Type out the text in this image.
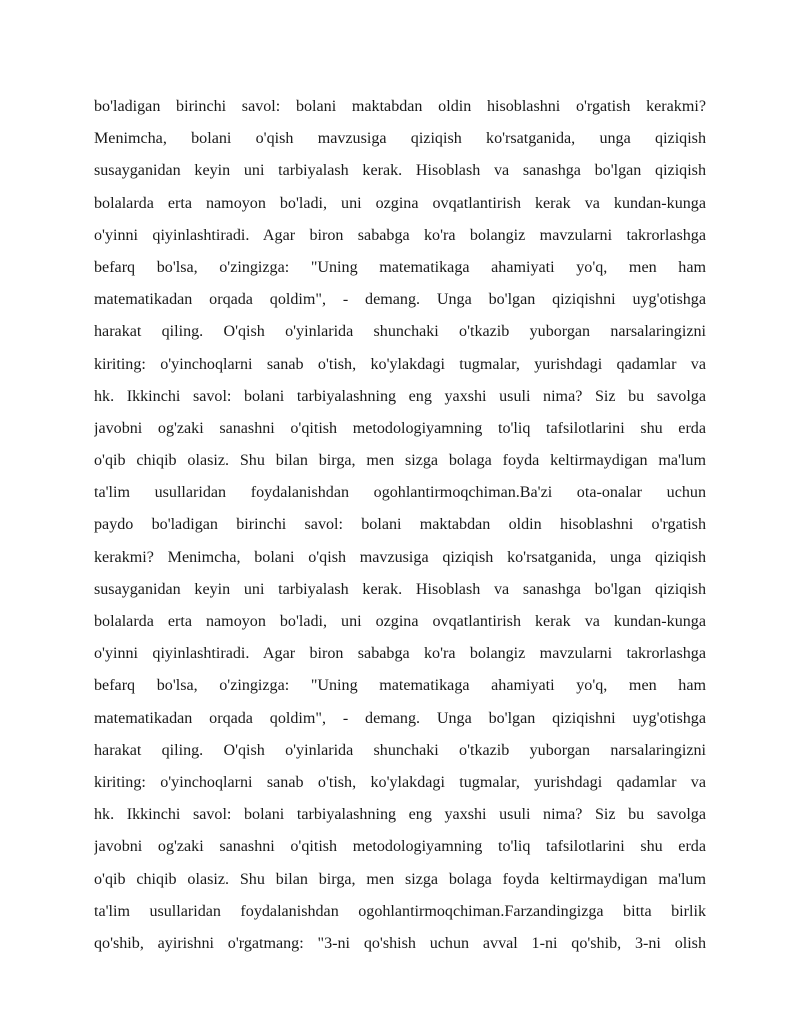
bo'ladigan birinchi savol: bolani maktabdan oldin hisoblashni o'rgatish kerakmi?
Menimcha, bolani o'qish mavzusiga qiziqish ko'rsatganida, unga qiziqish
susayganidan keyin uni tarbiyalash kerak. Hisoblash va sanashga bo'lgan qiziqish
bolalarda erta namoyon bo'ladi, uni ozgina ovqatlantirish kerak va kundan-kunga
o'yinni qiyinlashtiradi. Agar biron sababga ko'ra bolangiz mavzularni takrorlashga
befarq bo'lsa, o'zingizga: "Uning matematikaga ahamiyati yo'q, men ham
matematikadan orqada qoldim", - demang. Unga bo'lgan qiziqishni uyg'otishga
harakat qiling. O'qish o'yinlarida shunchaki o'tkazib yuborgan narsalaringizni
kiriting: o'yinchoqlarni sanab o'tish, ko'ylakdagi tugmalar, yurishdagi qadamlar va
hk. Ikkinchi savol: bolani tarbiyalashning eng yaxshi usuli nima? Siz bu savolga
javobni og'zaki sanashni o'qitish metodologiyamning to'liq tafsilotlarini shu erda
o'qib chiqib olasiz. Shu bilan birga, men sizga bolaga foyda keltirmaydigan ma'lum
ta'lim usullaridan foydalanishdan ogohlantirmoqchiman.Ba'zi ota-onalar uchun
paydo bo'ladigan birinchi savol: bolani maktabdan oldin hisoblashni o'rgatish
kerakmi? Menimcha, bolani o'qish mavzusiga qiziqish ko'rsatganida, unga qiziqish
susayganidan keyin uni tarbiyalash kerak. Hisoblash va sanashga bo'lgan qiziqish
bolalarda erta namoyon bo'ladi, uni ozgina ovqatlantirish kerak va kundan-kunga
o'yinni qiyinlashtiradi. Agar biron sababga ko'ra bolangiz mavzularni takrorlashga
befarq bo'lsa, o'zingizga: "Uning matematikaga ahamiyati yo'q, men ham
matematikadan orqada qoldim", - demang. Unga bo'lgan qiziqishni uyg'otishga
harakat qiling. O'qish o'yinlarida shunchaki o'tkazib yuborgan narsalaringizni
kiriting: o'yinchoqlarni sanab o'tish, ko'ylakdagi tugmalar, yurishdagi qadamlar va
hk. Ikkinchi savol: bolani tarbiyalashning eng yaxshi usuli nima? Siz bu savolga
javobni og'zaki sanashni o'qitish metodologiyamning to'liq tafsilotlarini shu erda
o'qib chiqib olasiz. Shu bilan birga, men sizga bolaga foyda keltirmaydigan ma'lum
ta'lim usullaridan foydalanishdan ogohlantirmoqchiman.Farzandingizga bitta birlik
qo'shib, ayirishni o'rgatmang: "3-ni qo'shish uchun avval 1-ni qo'shib, 3-ni olish
